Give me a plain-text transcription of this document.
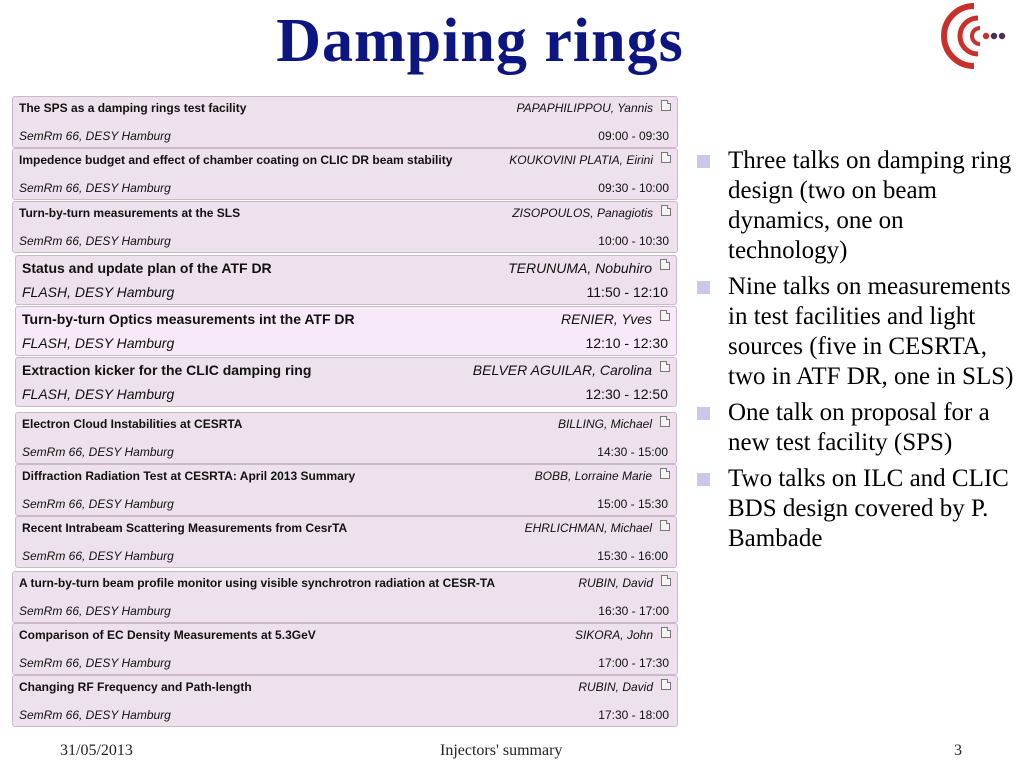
Damping rings
The SPS as a damping rings test facility	PAPAPHILIPPOU, Yannis
SemRm 66, DESY Hamburg	09:00 - 09:30
Impedence budget and effect of chamber coating on CLIC DR beam stability	KOUKOVINI PLATIA, Eirini
SemRm 66, DESY Hamburg	09:30 - 10:00
Turn-by-turn measurements at the SLS	ZISOPOULOS, Panagiotis
SemRm 66, DESY Hamburg	10:00 - 10:30
Status and update plan of the ATF DR	TERUNUMA, Nobuhiro
FLASH, DESY Hamburg	11:50 - 12:10
Turn-by-turn Optics measurements int the ATF DR	RENIER, Yves
FLASH, DESY Hamburg	12:10 - 12:30
Extraction kicker for the CLIC damping ring	BELVER AGUILAR, Carolina
FLASH, DESY Hamburg	12:30 - 12:50
Electron Cloud Instabilities at CESRTA	BILLING, Michael
SemRm 66, DESY Hamburg	14:30 - 15:00
Diffraction Radiation Test at CESRTA: April 2013 Summary	BOBB, Lorraine Marie
SemRm 66, DESY Hamburg	15:00 - 15:30
Recent Intrabeam Scattering Measurements from CesrTA	EHRLICHMAN, Michael
SemRm 66, DESY Hamburg	15:30 - 16:00
A turn-by-turn beam profile monitor using visible synchrotron radiation at CESR-TA	RUBIN, David
SemRm 66, DESY Hamburg	16:30 - 17:00
Comparison of EC Density Measurements at 5.3GeV	SIKORA, John
SemRm 66, DESY Hamburg	17:00 - 17:30
Changing RF Frequency and Path-length	RUBIN, David
SemRm 66, DESY Hamburg	17:30 - 18:00
Three talks on damping ring design (two on beam dynamics, one on technology)
Nine talks on measurements in test facilities and light sources (five in CESRTA, two in ATF DR, one in SLS)
One talk on proposal for a new test facility (SPS)
Two talks on ILC and CLIC BDS design covered by P. Bambade
31/05/2013	Injectors' summary	3
